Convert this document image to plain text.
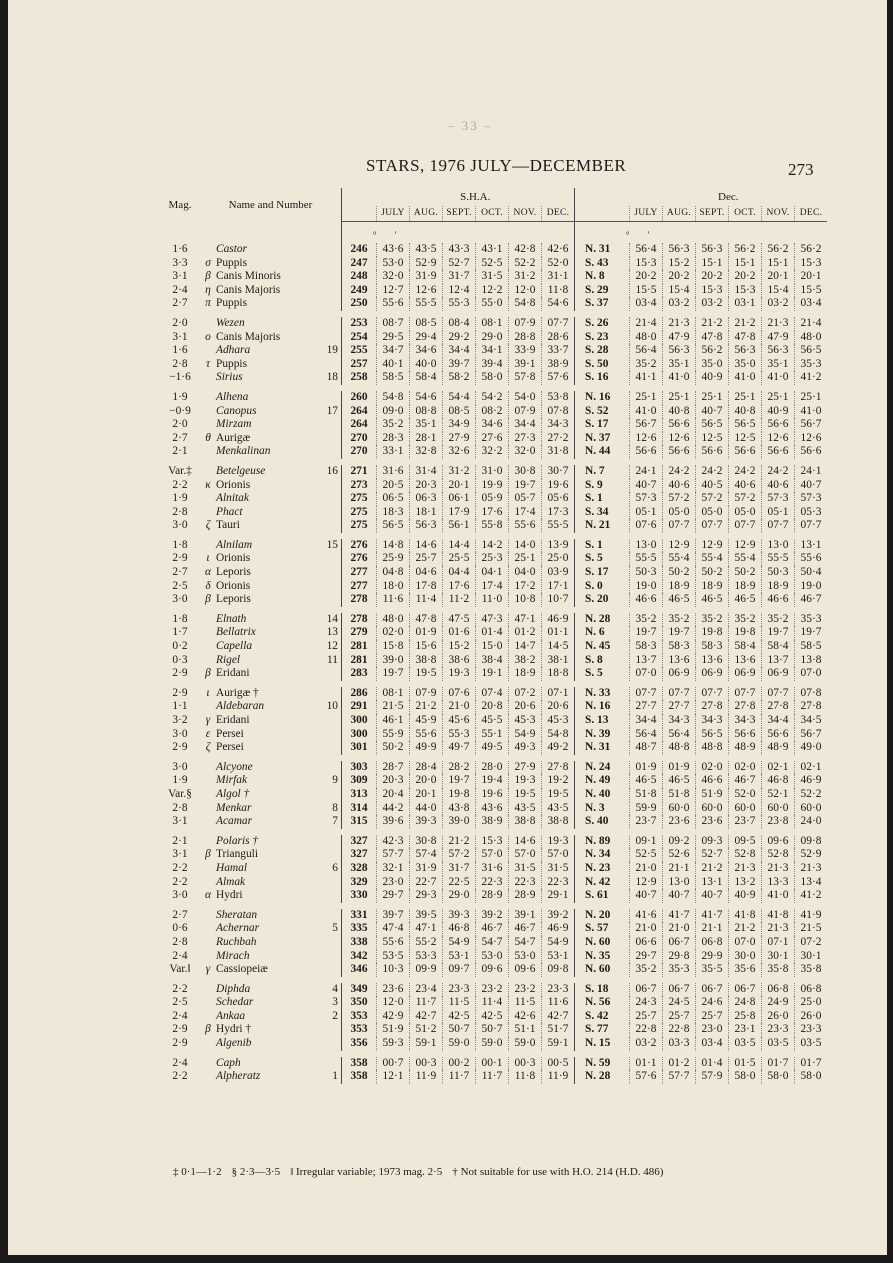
– 33 –
STARS, 1976 JULY—DECEMBER	273
Mag.	Name and Number				S.H.A.								Dec.					
					JULY	AUG.	SEPT.	OCT.	NOV.	DEC.			JULY	AUG.	SEPT.	OCT.	NOV.	DEC.
				°	′							°	′					
1·6		Castor		246	43·6	43·5	43·3	43·1	42·8	42·6		N. 31	56·4	56·3	56·3	56·2	56·2	56·2
3·3	σ	Puppis		247	53·0	52·9	52·7	52·5	52·2	52·0		S. 43	15·3	15·2	15·1	15·1	15·1	15·3
3·1	β	Canis Minoris		248	32·0	31·9	31·7	31·5	31·2	31·1		N. 8	20·2	20·2	20·2	20·2	20·1	20·1
2·4	η	Canis Majoris		249	12·7	12·6	12·4	12·2	12·0	11·8		S. 29	15·5	15·4	15·3	15·3	15·4	15·5
2·7	π	Puppis		250	55·6	55·5	55·3	55·0	54·8	54·6		S. 37	03·4	03·2	03·2	03·1	03·2	03·4

2·0		Wezen		253	08·7	08·5	08·4	08·1	07·9	07·7		S. 26	21·4	21·3	21·2	21·2	21·3	21·4
3·1	o	Canis Majoris		254	29·5	29·4	29·2	29·0	28·8	28·6		S. 23	48·0	47·9	47·8	47·8	47·9	48·0
1·6		Adhara	19	255	34·7	34·6	34·4	34·1	33·9	33·7		S. 28	56·4	56·3	56·2	56·3	56·3	56·5
2·8	τ	Puppis		257	40·1	40·0	39·7	39·4	39·1	38·9		S. 50	35·2	35·1	35·0	35·0	35·1	35·3
−1·6		Sirius	18	258	58·5	58·4	58·2	58·0	57·8	57·6		S. 16	41·1	41·0	40·9	41·0	41·0	41·2

1·9		Alhena		260	54·8	54·6	54·4	54·2	54·0	53·8		N. 16	25·1	25·1	25·1	25·1	25·1	25·1
−0·9		Canopus	17	264	09·0	08·8	08·5	08·2	07·9	07·8		S. 52	41·0	40·8	40·7	40·8	40·9	41·0
2·0		Mirzam		264	35·2	35·1	34·9	34·6	34·4	34·3		S. 17	56·7	56·6	56·5	56·5	56·6	56·7
2·7	θ	Aurigæ		270	28·3	28·1	27·9	27·6	27·3	27·2		N. 37	12·6	12·6	12·5	12·5	12·6	12·6
2·1		Menkalinan		270	33·1	32·8	32·6	32·2	32·0	31·8		N. 44	56·6	56·6	56·6	56·6	56·6	56·6

Var.‡		Betelgeuse	16	271	31·6	31·4	31·2	31·0	30·8	30·7		N. 7	24·1	24·2	24·2	24·2	24·2	24·1
2·2	κ	Orionis		273	20·5	20·3	20·1	19·9	19·7	19·6		S. 9	40·7	40·6	40·5	40·6	40·6	40·7
1·9		Alnitak		275	06·5	06·3	06·1	05·9	05·7	05·6		S. 1	57·3	57·2	57·2	57·2	57·3	57·3
2·8		Phact		275	18·3	18·1	17·9	17·6	17·4	17·3		S. 34	05·1	05·0	05·0	05·0	05·1	05·3
3·0	ζ	Tauri		275	56·5	56·3	56·1	55·8	55·6	55·5		N. 21	07·6	07·7	07·7	07·7	07·7	07·7

1·8		Alnilam	15	276	14·8	14·6	14·4	14·2	14·0	13·9		S. 1	13·0	12·9	12·9	12·9	13·0	13·1
2·9	ι	Orionis		276	25·9	25·7	25·5	25·3	25·1	25·0		S. 5	55·5	55·4	55·4	55·4	55·5	55·6
2·7	α	Leporis		277	04·8	04·6	04·4	04·1	04·0	03·9		S. 17	50·3	50·2	50·2	50·2	50·3	50·4
2·5	δ	Orionis		277	18·0	17·8	17·6	17·4	17·2	17·1		S. 0	19·0	18·9	18·9	18·9	18·9	19·0
3·0	β	Leporis		278	11·6	11·4	11·2	11·0	10·8	10·7		S. 20	46·6	46·5	46·5	46·5	46·6	46·7

1·8		Elnath	14	278	48·0	47·8	47·5	47·3	47·1	46·9		N. 28	35·2	35·2	35·2	35·2	35·2	35·3
1·7		Bellatrix	13	279	02·0	01·9	01·6	01·4	01·2	01·1		N. 6	19·7	19·7	19·8	19·8	19·7	19·7
0·2		Capella	12	281	15·8	15·6	15·2	15·0	14·7	14·5		N. 45	58·3	58·3	58·3	58·4	58·4	58·5
0·3		Rigel	11	281	39·0	38·8	38·6	38·4	38·2	38·1		S. 8	13·7	13·6	13·6	13·6	13·7	13·8
2·9	β	Eridani		283	19·7	19·5	19·3	19·1	18·9	18·8		S. 5	07·0	06·9	06·9	06·9	06·9	07·0

2·9	ι	Aurigæ †		286	08·1	07·9	07·6	07·4	07·2	07·1		N. 33	07·7	07·7	07·7	07·7	07·7	07·8
1·1		Aldebaran	10	291	21·5	21·2	21·0	20·8	20·6	20·6		N. 16	27·7	27·7	27·8	27·8	27·8	27·8
3·2	γ	Eridani		300	46·1	45·9	45·6	45·5	45·3	45·3		S. 13	34·4	34·3	34·3	34·3	34·4	34·5
3·0	ε	Persei		300	55·9	55·6	55·3	55·1	54·9	54·8		N. 39	56·4	56·4	56·5	56·6	56·6	56·7
2·9	ζ	Persei		301	50·2	49·9	49·7	49·5	49·3	49·2		N. 31	48·7	48·8	48·8	48·9	48·9	49·0

3·0		Alcyone		303	28·7	28·4	28·2	28·0	27·9	27·8		N. 24	01·9	01·9	02·0	02·0	02·1	02·1
1·9		Mirfak	9	309	20·3	20·0	19·7	19·4	19·3	19·2		N. 49	46·5	46·5	46·6	46·7	46·8	46·9
Var.§		Algol †		313	20·4	20·1	19·8	19·6	19·5	19·5		N. 40	51·8	51·8	51·9	52·0	52·1	52·2
2·8		Menkar	8	314	44·2	44·0	43·8	43·6	43·5	43·5		N. 3	59·9	60·0	60·0	60·0	60·0	60·0
3·1		Acamar	7	315	39·6	39·3	39·0	38·9	38·8	38·8		S. 40	23·7	23·6	23·6	23·7	23·8	24·0

2·1		Polaris †		327	42·3	30·8	21·2	15·3	14·6	19·3		N. 89	09·1	09·2	09·3	09·5	09·6	09·8
3·1	β	Trianguli		327	57·7	57·4	57·2	57·0	57·0	57·0		N. 34	52·5	52·6	52·7	52·8	52·8	52·9
2·2		Hamal	6	328	32·1	31·9	31·7	31·6	31·5	31·5		N. 23	21·0	21·1	21·2	21·3	21·3	21·3
2·2		Almak		329	23·0	22·7	22·5	22·3	22·3	22·3		N. 42	12·9	13·0	13·1	13·2	13·3	13·4
3·0	α	Hydri		330	29·7	29·3	29·0	28·9	28·9	29·1		S. 61	40·7	40·7	40·7	40·9	41·0	41·2

2·7		Sheratan		331	39·7	39·5	39·3	39·2	39·1	39·2		N. 20	41·6	41·7	41·7	41·8	41·8	41·9
0·6		Achernar	5	335	47·4	47·1	46·8	46·7	46·7	46·9		S. 57	21·0	21·0	21·1	21·2	21·3	21·5
2·8		Ruchbah		338	55·6	55·2	54·9	54·7	54·7	54·9		N. 60	06·6	06·7	06·8	07·0	07·1	07·2
2·4		Mirach		342	53·5	53·3	53·1	53·0	53·0	53·1		N. 35	29·7	29·8	29·9	30·0	30·1	30·1
Var.‖	γ	Cassiopeiæ		346	10·3	09·9	09·7	09·6	09·6	09·8		N. 60	35·2	35·3	35·5	35·6	35·8	35·8

2·2		Diphda	4	349	23·6	23·4	23·3	23·2	23·2	23·3		S. 18	06·7	06·7	06·7	06·7	06·8	06·8
2·5		Schedar	3	350	12·0	11·7	11·5	11·4	11·5	11·6		N. 56	24·3	24·5	24·6	24·8	24·9	25·0
2·4		Ankaa	2	353	42·9	42·7	42·5	42·5	42·6	42·7		S. 42	25·7	25·7	25·7	25·8	26·0	26·0
2·9	β	Hydri †		353	51·9	51·2	50·7	50·7	51·1	51·7		S. 77	22·8	22·8	23·0	23·1	23·3	23·3
2·9		Algenib		356	59·3	59·1	59·0	59·0	59·0	59·1		N. 15	03·2	03·3	03·4	03·5	03·5	03·5

2·4		Caph		358	00·7	00·3	00·2	00·1	00·3	00·5		N. 59	01·1	01·2	01·4	01·5	01·7	01·7
2·2		Alpheratz	1	358	12·1	11·9	11·7	11·7	11·8	11·9		N. 28	57·6	57·7	57·9	58·0	58·0	58·0
‡ 0·1—1·2 § 2·3—3·5 ‖ Irregular variable; 1973 mag. 2·5 † Not suitable for use with H.O. 214 (H.D. 486)
